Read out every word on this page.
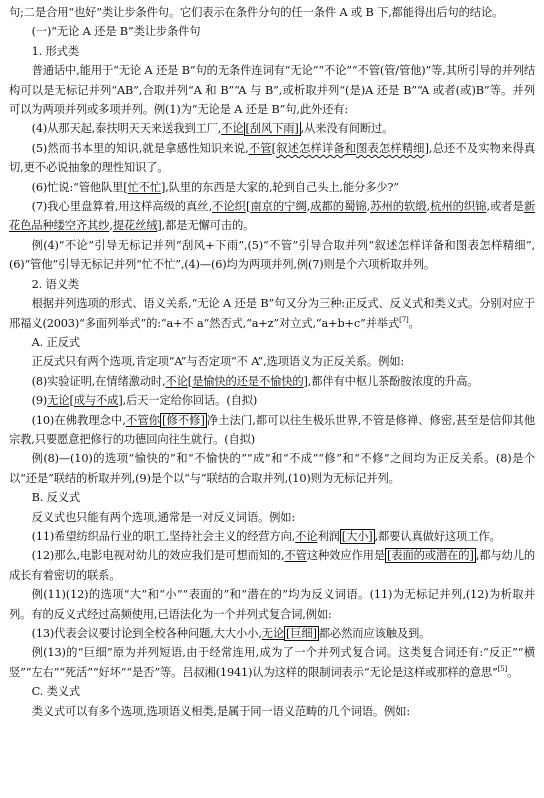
句;二是合用“也好”类让步条件句。它们表示在条件分句的任一条件 A 或 B 下,都能得出后句的结论。

(一)“无论 A 还是 B”类让步条件句

1. 形式类

普通话中,能用于“无论 A 还是 B”句的无条件连词有“无论”“不论”“不管(管/管他)”等,其所引导的并列结构可以是无标记并列“AB”,合取并列“A 和 B”“A 与 B”,或析取并列“(是)A 还是 B”“A 或者(或)B”等。并列可以为两项并列或多项并列。例(1)为“无论是 A 还是 B”句,此外还有:

(4)从那天起,泰扶明天天来送我到工厂,不论 [刮风下雨] ,从来没有间断过。

(5)然而书本里的知识,就是拿感性知识来说,不管[叙述怎样详备和图表怎样精细],总还不及实物来得真切,更不必说抽象的理性知识了。

(6)忙说:“管他队里[忙不忙],队里的东西是大家的,轮到自己头上,能分多少?”

(7)我心里盘算着,用这样高级的真丝,不论织[南京的宁绸,成都的蜀锦,苏州的软缎,杭州的织锦,或者是新花色品种缕空齐其纱,提花丝绒],都是无懈可击的。

例(4)“不论”引导无标记并列“刮风+下雨”,(5)“不管”引导合取并列“叙述怎样详备和图表怎样精细”,(6)“管他”引导无标记并列“忙不忙”,(4)—(6)均为两项并列,例(7)则是个六项析取并列。

2. 语义类

根据并列选项的形式、语义关系,“无论 A 还是 B”句又分为三种:正反式、反义式和类义式。分别对应于邢福义(2003)“多面列举式”的:“a+不 a”然否式,“a+z”对立式,“a+b+c”并举式[7]。

A. 正反式

正反式只有两个选项,肯定项“A”与否定项“不 A”,选项语义为正反关系。例如:

(8)实验证明,在情绪激动时,不论[是愉快的还是不愉快的],都伴有中枢儿茶酚胺浓度的升高。

(9)无论[成与不成],后天一定给你回话。(自拟)

(10)在佛教理念中,不管你 [修不修] 净土法门,都可以往生极乐世界,不管是修禅、修密,甚至是信仰其他宗教,只要愿意把修行的功德回向往生就行。(自拟)

例(8)—(10)的选项“愉快的”和“不愉快的”“成”和“不成”“修”和“不修”之间均为正反关系。(8)是个以“还是”联结的析取并列,(9)是个以“与”联结的合取并列,(10)则为无标记并列。

B. 反义式

反义式也只能有两个选项,通常是一对反义词语。例如:

(11)希望纺织品行业的职工,坚持社会主义的经营方向,不论利润 [大小] ,都要认真做好这项工作。

(12)那么,电影电视对幼儿的效应我们是可想而知的,不管这种效应作用是 [表面的或潜在的] ,都与幼儿的成长有着密切的联系。

例(11)(12)的选项“大”和“小”“表面的”和“潜在的”均为反义词语。(11)为无标记并列,(12)为析取并列。有的反义式经过高频使用,已语法化为一个并列式复合词,例如:

(13)代表会议要讨论到全校各种问题,大大小小,无论 [巨细] 都必然而应该触及到。

例(13)的“巨细”原为并列短语,由于经常连用,成为了一个并列式复合词。这类复合词还有:“反正”“横竖”“左右”“死活”“好坏”“是否”等。吕叔湘(1941)认为这样的限制词表示“无论是这样或那样的意思”[5]。

C. 类义式

类义式可以有多个选项,选项语义相类,是属于同一语义范畴的几个词语。例如:
